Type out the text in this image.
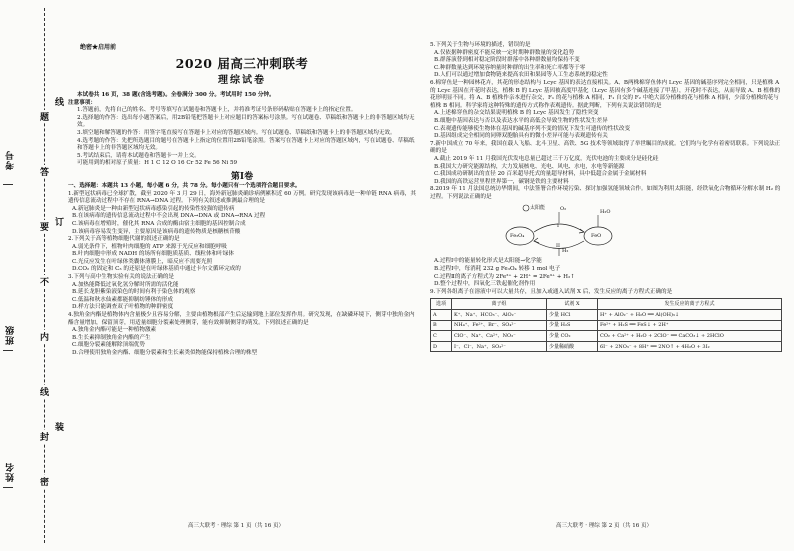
考号
班级
姓名
题
答
要
不
内
线
封
密
线
订
装
绝密★启用前
2020 届高三冲刺联考
理综试卷

本试卷共 16 页，38 题(含选考题)。全卷满分 300 分。考试用时 150 分钟。

注意事项：

1.答题前，先将自己的姓名、考号等填写在试题卷和答题卡上，并将准考证号条形码粘贴在答题卡上的指定位置。

2.选择题的作答：选出每小题答案后，用2B铅笔把答题卡上对应题目的答案标号涂黑。写在试题卷、草稿纸和答题卡上的非答题区域均无效。

3.填空题和解答题的作答：用签字笔直接写在答题卡上对应的答题区域内。写在试题卷、草稿纸和答题卡上的非答题区域均无效。

4.选考题的作答：先把所选题目的题号在答题卡上指定的位置用2B铅笔涂黑。答案写在答题卡上对应的答题区域内，写在试题卷、草稿纸和答题卡上的非答题区域均无效。

5.考试结束后，请将本试题卷和答题卡一并上交。

可能用到的相对原子质量：H 1 C 12 O 16 Cr 52 Fe 56 Ni 59

第Ⅰ卷

一、选择题：本题共 13 小题，每小题 6 分，共 78 分。每小题只有一个选项符合题目要求。

1.新型冠状病毒已全球扩散，截至 2020 年 3 月 29 日，海外新冠肺炎确诊病例累积近 60 万例。研究发现该病毒是一种单链 RNA 病毒，其遗传信息流动过程中不存在 RNA→DNA 过程。下列有关叙述或推测最合理的是

A.新冠肺炎是一种由新型冠状病毒感染引起的传染性较强的遗传病

B.在该病毒的遗传信息流动过程中不会出现 DNA→DNA 或 DNA→RNA 过程

C.该病毒在增殖时，催化其 RNA 合成的酶由宿主细胞的基因控制合成

D.该病毒容易发生变异，主要原因是该病毒的遗传物质是核糖核苷酸

2.下列关于高等植物细胞代谢的叙述正确的是

A.弱光条件下，植物叶肉细胞的 ATP 来源于光反应和细胞呼吸

B.叶肉细胞中形成 NADH 的场所有细胞质基质、线粒体和叶绿体

C.光反应发生在叶绿体类囊体薄膜上，暗反应不需要光照

D.CO₂ 的固定和 C₃ 的还原是在叶绿体基质中通过卡尔文循环完成的

3.下列与高中生物实验有关的说法正确的是

A.加热能降低过氧化氢分解时所需的活化能

B.延长龙胆紫染液染色的时间有利于染色体的观察

C.低温和秋水仙素都能抑制纺锤体的形成

D.样方法只能调查双子叶植物的种群密度

4.独角金内酯是植物体内含量极少且容易分解，主要由植物根部产生后运输到地上部位发挥作用。研究发现，在缺磷环境下，侧芽中独角金内酯含量增加，保留顶芽，用适量细胞分裂素处理侧芽，能有效抑制侧芽的萌发。下列叙述正确的是

A.独角金内酯可能是一种植物激素

B.生长素抑制独角金内酯的产生

C.细胞分裂素能解除顶端优势

D.合理使用独角金内酯、细胞分裂素和生长素类似物能保持植株合理的株型

5.下列关于生物与环境的描述，错误的是

A.仅依据种群密度不能反映一定时期种群数量的变化趋势

B.群落演替到相对稳定阶段时群落中各种群数量均保持不变

C.种群数量达到环境容纳量时种群的出生率和死亡率都等于零

D.人们可以通过增加食物链来提高农田和果园等人工生态系统的稳定性

6.棉穿鱼是一种园林花卉，其花的形态结构与 Lcyc 基因的表达直接相关。A、B两株棉穿鱼体内 Lcyc 基因的碱基序列完全相同，只是植株 A 的 Lcyc 基因在开花时表达，植株 B 的 Lcyc 基因被高度甲基化（Lcyc 基因有多个碱基连接了甲基），开花时不表达，从而导致 A、B 植株的花形明显不同。将 A、B 植株作亲本进行杂交，F₁ 的花与植株 A 相同，F₁ 自交的 F₂ 中绝大部分植株的花与植株 A 相同，少部分植株的花与植株 B 相同。科学家将这种特殊的遗传方式称作表观遗传。据此判断，下列有关说法错误的是

A.上述棉穿鱼的杂交结果说明植株 B 的 Lcyc 基因发生了隐性突变

B.细胞中基因表达与否以及表达水平的高低会导致生物的性状发生差异

C.表观遗传能够使生物体在基因的碱基序列不变的情况下发生可遗传的性状改变

D.基因组成完全相同的同卵双胞胎具有的微小差异可能与表观遗传有关

7.新中国成立 70 年来，我国在载人飞船、北斗卫星、高铁、5G 技术等领域取得了举世瞩目的成就。它们均与化学有着密切联系。下列说法正确的是

A.截止 2019 年 11 月我国光伏发电总量已超过三千万亿度，光伏电池的主要成分是硅化硅

B.我国大力研究能源结构，大力发展核电、光电、风电、水电，水电等新能源

C.我国成功研制出的直径 20 百米超导托式的量超导材料，具中低超合金属于金属材料

D.我国的高铁运营里程世界第一，碳钢是铁的主要材料

8.2019 年 11 月法国总统访华期间，中法签署合作环境污染、探讨加强氢能领域合作。如图为利用太阳能，经铁氧化合物循环分解水制 H₂ 的过程。下列说法正确的是

太阳能
Fe₃O₄	FeO
I
II
O₂
H₂
H₂O

A.过程Ⅰ中的能量转化形式是太阳能→化学能

B.过程Ⅰ中，每消耗 232 g Fe₃O₄ 转移 1 mol 电子

C.过程Ⅱ的离子方程式为 2Fe²⁺ + 2H⁺ = 2Fe³⁺ + H₂↑

D.整个过程中，四氧化三铁起催化剂作用

9.下列各组离子在溶液中可以大量共存，且加入或通入试剂 X 后，发生反应的离子方程式正确的是

选项	离子组	试剂 X	发生反应的离子方程式
A	K⁺、Na⁺、HCO₃⁻、AlO₂⁻	少量 HCl	H⁺ + AlO₂⁻ + H₂O ══ Al(OH)₃↓
B	NH₄⁺、Fe²⁺、Br⁻、SO₄²⁻	少量 H₂S	Fe²⁺ + H₂S ══ FeS↓ + 2H⁺
C	ClO⁻、Na⁺、Ca²⁺、NO₃⁻	少量 CO₂	CO₂ + Ca²⁺ + H₂O + 2ClO⁻ ══ CaCO₃↓ + 2HClO
D	I⁻、Cl⁻、Na⁺、SO₃²⁻	少量稀硝酸	6I⁻ + 2NO₃⁻ + 8H⁺ ══ 2NO↑ + 4H₂O + 3I₂
高三大联考 · 理综 第 1 页（共 16 页）	高三大联考 · 理综 第 2 页（共 16 页）
